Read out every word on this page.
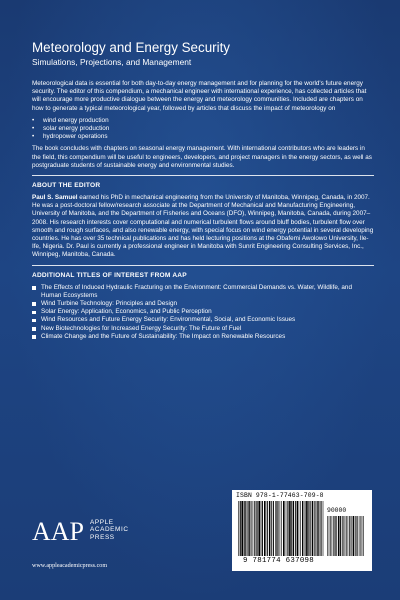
Meteorology and Energy Security
Simulations, Projections, and Management

Meteorological data is essential for both day-to-day energy management and for planning for the world's future energy security. The editor of this compendium, a mechanical engineer with international experience, has collected articles that will encourage more productive dialogue between the energy and meteorology communities. Included are chapters on how to generate a typical meteorological year, followed by articles that discuss the impact of meteorology on

• wind energy production
• solar energy production
• hydropower operations

The book concludes with chapters on seasonal energy management. With international contributors who are leaders in the field, this compendium will be useful to engineers, developers, and project managers in the energy sectors, as well as postgraduate students of sustainable energy and environmental studies.

ABOUT THE EDITOR

Paul S. Samuel earned his PhD in mechanical engineering from the University of Manitoba, Winnipeg, Canada, in 2007. He was a post-doctoral fellow/research associate at the Department of Mechanical and Manufacturing Engineering, University of Manitoba, and the Department of Fisheries and Oceans (DFO), Winnipeg, Manitoba, Canada, during 2007–2008. His research interests cover computational and numerical turbulent flows around bluff bodies, turbulent flow over smooth and rough surfaces, and also renewable energy, with special focus on wind energy potential in several developing countries. He has over 35 technical publications and has held lecturing positions at the Obafemi Awolowo University, Ile-Ife, Nigeria. Dr. Paul is currently a professional engineer in Manitoba with Sunrit Engineering Consulting Services, Inc., Winnipeg, Manitoba, Canada.

ADDITIONAL TITLES OF INTEREST FROM AAP
The Effects of Induced Hydraulic Fracturing on the Environment: Commercial Demands vs. Water, Wildlife, and Human Ecosystems
Wind Turbine Technology: Principles and Design
Solar Energy: Application, Economics, and Public Perception
Wind Resources and Future Energy Security: Environmental, Social, and Economic Issues
New Biotechnologies for Increased Energy Security: The Future of Fuel
Climate Change and the Future of Sustainability: The Impact on Renewable Resources
AAP APPLE
ACADEMIC
PRESS
www.appleacademicpress.com
ISBN 978-1-77463-709-8
90000
9 781774 637098
